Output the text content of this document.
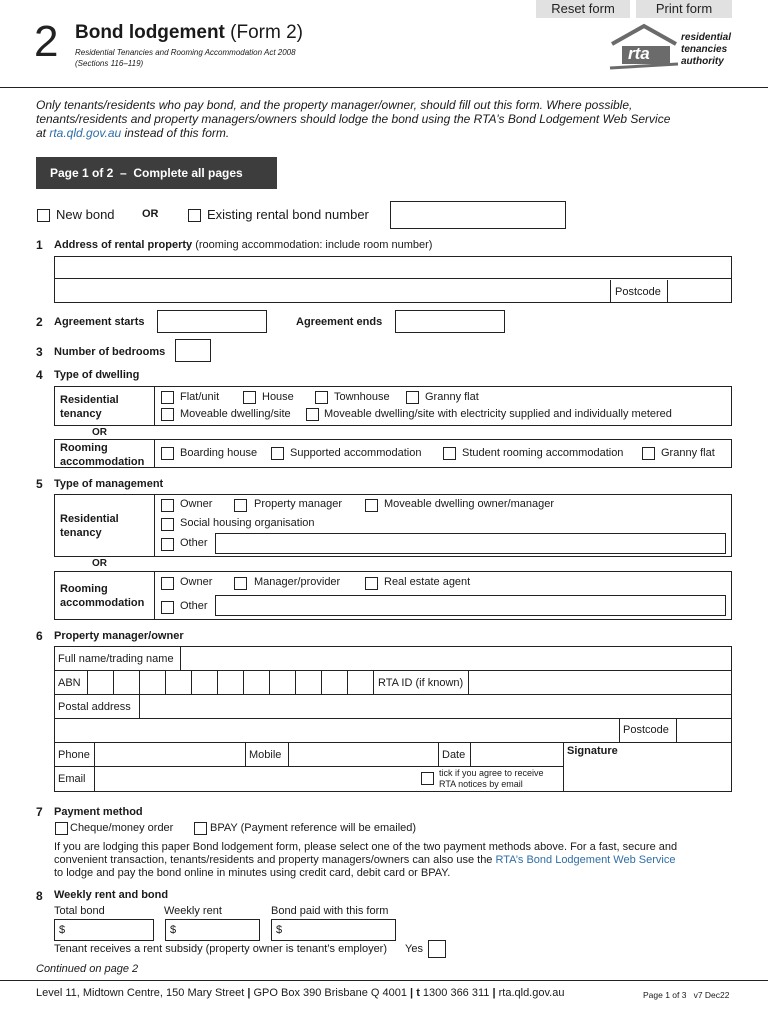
Reset form	Print form
2 Bond lodgement (Form 2)
Residential Tenancies and Rooming Accommodation Act 2008
(Sections 116–119)
rta
residential
tenancies
authority
Only tenants/residents who pay bond, and the property manager/owner, should fill out this form. Where possible,
tenants/residents and property managers/owners should lodge the bond using the RTA’s Bond Lodgement Web Service
at rta.qld.gov.au instead of this form.
Page 1 of 2  –  Complete all pages
New bond OR	Existing rental bond number
1 Address of rental property (rooming accommodation: include room number)
Postcode
2 Agreement starts	Agreement ends
3 Number of bedrooms
4 Type of dwelling
Residential
tenancy
Flat/unit	House	Townhouse	Granny flat
Moveable dwelling/site	Moveable dwelling/site with electricity supplied and individually metered
OR
Rooming
accommodation
Boarding house	Supported accommodation	Student rooming accommodation	Granny flat
5 Type of management
Residential
tenancy
Owner	Property manager	Moveable dwelling owner/manager
Social housing organisation
Other
OR
Rooming
accommodation
Owner	Manager/provider	Real estate agent
Other
6 Property manager/owner
Full name/trading name
ABN	RTA ID (if known)
Postal address
Postcode
Phone	Mobile	Date	Signature
Email	tick if you agree to receive
RTA notices by email
7 Payment method
Cheque/money order	BPAY (Payment reference will be emailed)
If you are lodging this paper Bond lodgement form, please select one of the two payment methods above. For a fast, secure and
convenient transaction, tenants/residents and property managers/owners can also use the RTA’s Bond Lodgement Web Service
to lodge and pay the bond online in minutes using credit card, debit card or BPAY.
8 Weekly rent and bond
Total bond	Weekly rent	Bond paid with this form
$	$	$
Tenant receives a rent subsidy (property owner is tenant’s employer) Yes
Continued on page 2
Level 11, Midtown Centre, 150 Mary Street | GPO Box 390 Brisbane Q 4001 | t 1300 366 311 | rta.qld.gov.au	Page 1 of 3 v7 Dec22
